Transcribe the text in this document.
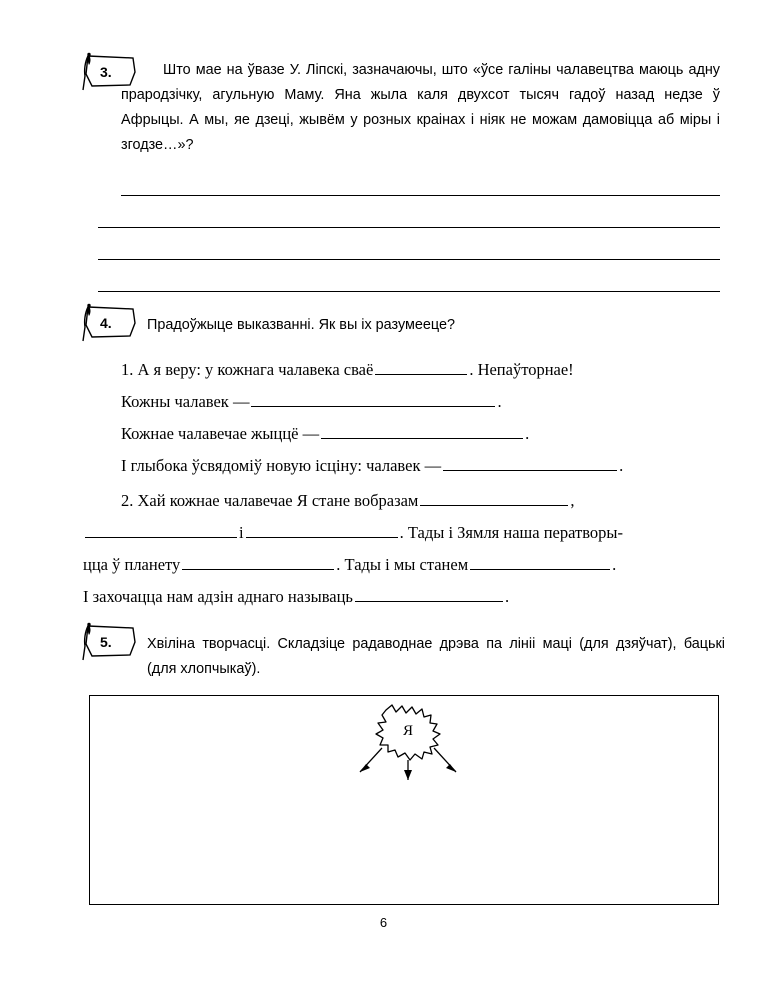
3.	Што мае на ўвазе У. Ліпскі, зазначаючы, што «ўсе галіны чалавецтва маюць адну прародзічку, агульную Маму. Яна жыла каля двухсот тысяч гадоў назад недзе ў Афрыцы. А мы, яе дзеці, жывём у розных краінах і ніяк не можам дамовіцца аб міры і згодзе…»?
4. Прадоўжыце выказванні. Як вы іх разумееце?
1. А я веру: у кожнага чалавека сваё	. Непаўторнае!
Кожны чалавек —	.
Кожнае чалавечае жыццё —	.
І глыбока ўсвядоміў новую ісціну: чалавек —	.
2. Хай кожнае чалавечае Я стане вобразам	,
і	. Тады і Зямля наша ператворы-
цца ў планету	. Тады і мы станем	.
І захочацца нам адзін аднаго называць	.
5. Хвіліна творчасці. Складзіце радаводнае дрэва па лініі маці (для дзяўчат), бацькі (для хлопчыкаў).
Я
6
